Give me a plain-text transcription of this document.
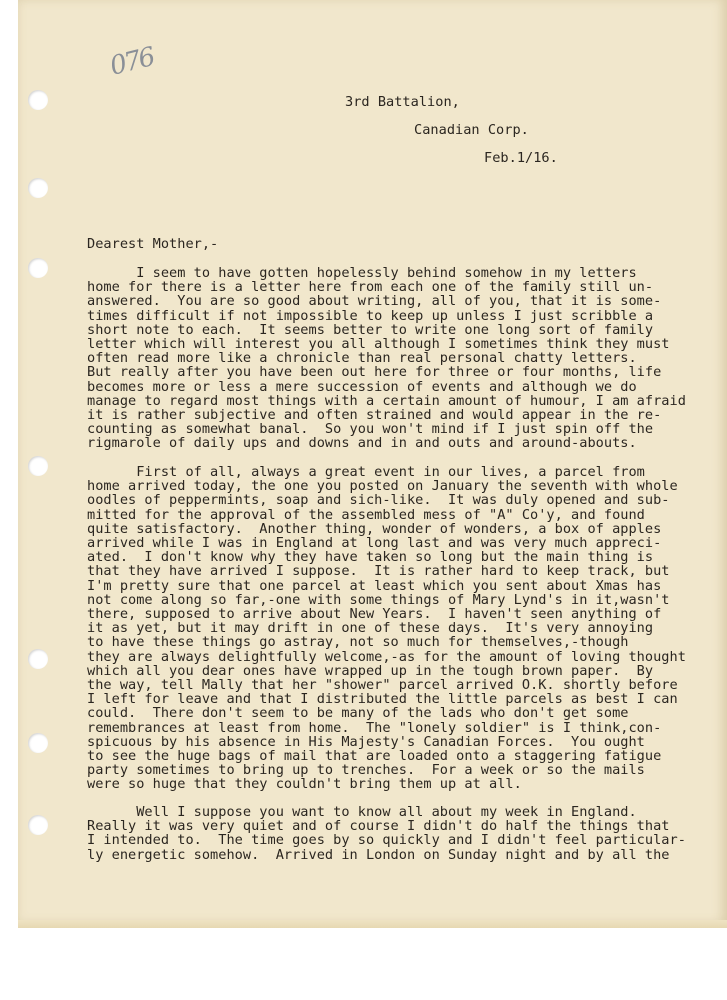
076
3rd Battalion,
Canadian Corp.
Feb.1/16.
Dearest Mother,-
I seem to have gotten hopelessly behind somehow in my letters
home for there is a letter here from each one of the family still un-
answered.  You are so good about writing, all of you, that it is some-
times difficult if not impossible to keep up unless I just scribble a
short note to each.  It seems better to write one long sort of family
letter which will interest you all although I sometimes think they must
often read more like a chronicle than real personal chatty letters.
But really after you have been out here for three or four months, life
becomes more or less a mere succession of events and although we do
manage to regard most things with a certain amount of humour, I am afraid
it is rather subjective and often strained and would appear in the re-
counting as somewhat banal.  So you won't mind if I just spin off the
rigmarole of daily ups and downs and in and outs and around-abouts.
First of all, always a great event in our lives, a parcel from
home arrived today, the one you posted on January the seventh with whole
oodles of peppermints, soap and sich-like.  It was duly opened and sub-
mitted for the approval of the assembled mess of "A" Co'y, and found
quite satisfactory.  Another thing, wonder of wonders, a box of apples
arrived while I was in England at long last and was very much appreci-
ated.  I don't know why they have taken so long but the main thing is
that they have arrived I suppose.  It is rather hard to keep track, but
I'm pretty sure that one parcel at least which you sent about Xmas has
not come along so far,-one with some things of Mary Lynd's in it,wasn't
there, supposed to arrive about New Years.  I haven't seen anything of
it as yet, but it may drift in one of these days.  It's very annoying
to have these things go astray, not so much for themselves,-though
they are always delightfully welcome,-as for the amount of loving thought
which all you dear ones have wrapped up in the tough brown paper.  By
the way, tell Mally that her "shower" parcel arrived O.K. shortly before
I left for leave and that I distributed the little parcels as best I can
could.  There don't seem to be many of the lads who don't get some
remembrances at least from home.  The "lonely soldier" is I think,con-
spicuous by his absence in His Majesty's Canadian Forces.  You ought
to see the huge bags of mail that are loaded onto a staggering fatigue
party sometimes to bring up to trenches.  For a week or so the mails
were so huge that they couldn't bring them up at all.
Well I suppose you want to know all about my week in England.
Really it was very quiet and of course I didn't do half the things that
I intended to.  The time goes by so quickly and I didn't feel particular-
ly energetic somehow.  Arrived in London on Sunday night and by all the
